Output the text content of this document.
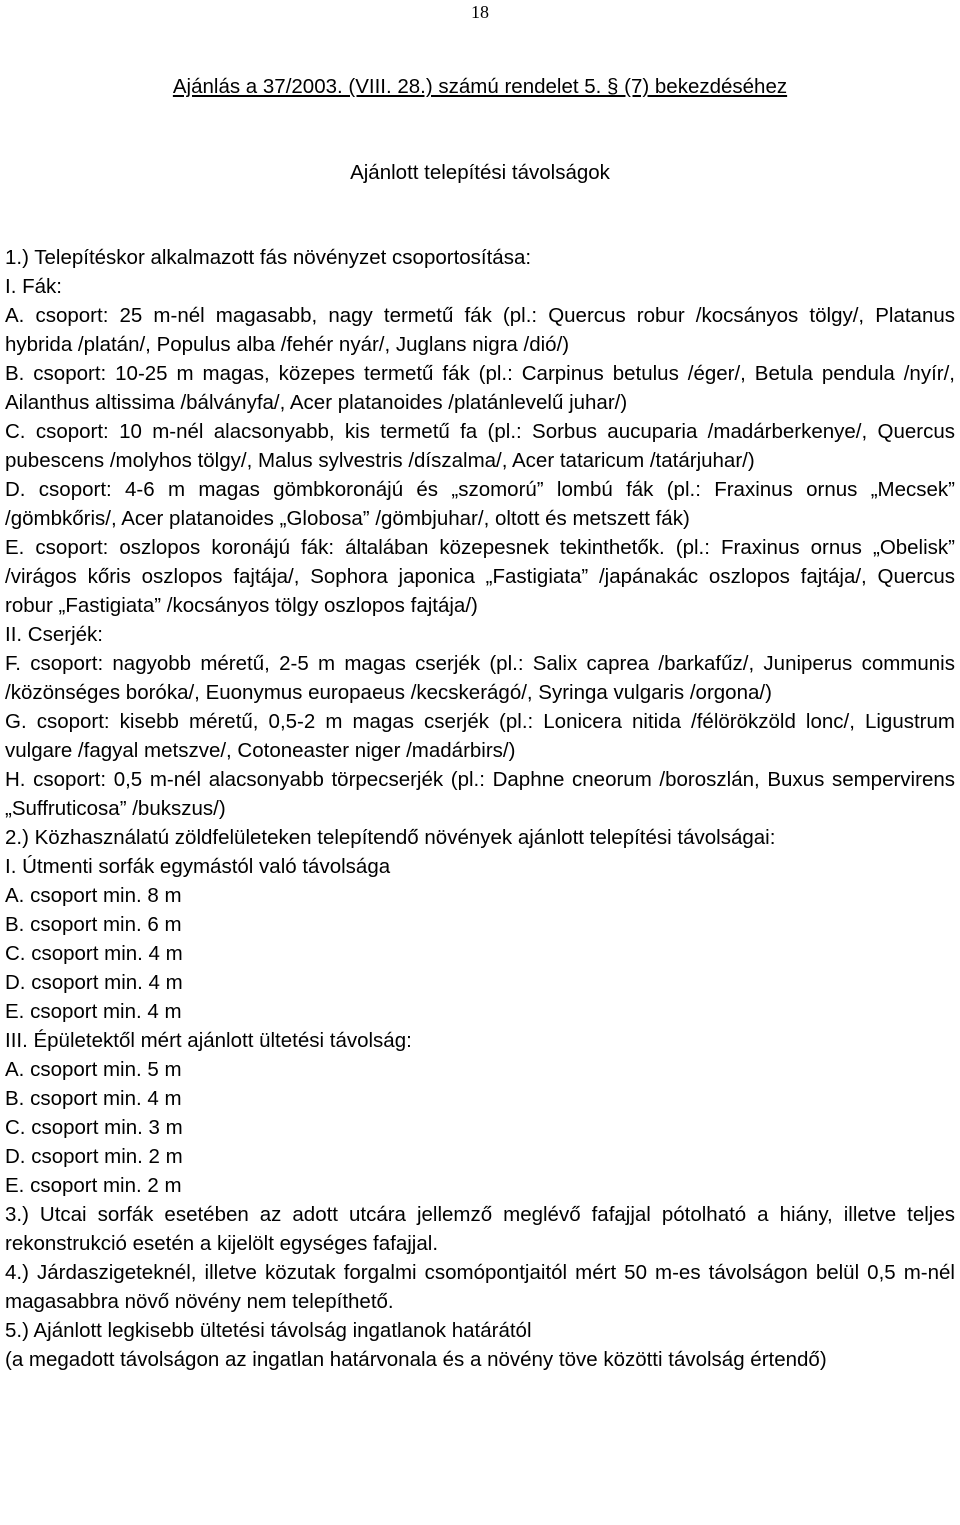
18
Ajánlás a 37/2003. (VIII. 28.) számú rendelet 5. § (7) bekezdéséhez
Ajánlott telepítési távolságok

1.) Telepítéskor alkalmazott fás növényzet csoportosítása:

I. Fák:

A. csoport: 25 m-nél magasabb, nagy termetű fák (pl.: Quercus robur /kocsányos tölgy/, Platanus hybrida /platán/, Populus alba /fehér nyár/, Juglans nigra /dió/)

B. csoport: 10-25 m magas, közepes termetű fák (pl.: Carpinus betulus /éger/, Betula pendula /nyír/, Ailanthus altissima /bálványfa/, Acer platanoides /platánlevelű juhar/)

C. csoport: 10 m-nél alacsonyabb, kis termetű fa (pl.: Sorbus aucuparia /madárberkenye/, Quercus pubescens /molyhos tölgy/, Malus sylvestris /díszalma/, Acer tataricum /tatárjuhar/)

D. csoport: 4-6 m magas gömbkoronájú és „szomorú” lombú fák (pl.: Fraxinus ornus „Mecsek” /gömbkőris/, Acer platanoides „Globosa” /gömbjuhar/, oltott és metszett fák)

E. csoport: oszlopos koronájú fák: általában közepesnek tekinthetők. (pl.: Fraxinus ornus „Obelisk” /virágos kőris oszlopos fajtája/, Sophora japonica „Fastigiata” /japánakác oszlopos fajtája/, Quercus robur „Fastigiata” /kocsányos tölgy oszlopos fajtája/)

II. Cserjék:

F. csoport: nagyobb méretű, 2-5 m magas cserjék (pl.: Salix caprea /barkafűz/, Juniperus communis /közönséges boróka/, Euonymus europaeus /kecskerágó/, Syringa vulgaris /orgona/)

G. csoport: kisebb méretű, 0,5-2 m magas cserjék (pl.: Lonicera nitida /félörökzöld lonc/, Ligustrum vulgare /fagyal metszve/, Cotoneaster niger /madárbirs/)

H. csoport: 0,5 m-nél alacsonyabb törpecserjék (pl.: Daphne cneorum /boroszlán, Buxus sempervirens „Suffruticosa” /bukszus/)

2.) Közhasználatú zöldfelületeken telepítendő növények ajánlott telepítési távolságai:

I. Útmenti sorfák egymástól való távolsága

A. csoport min. 8 m

B. csoport min. 6 m

C. csoport min. 4 m

D. csoport min. 4 m

E. csoport min. 4 m

III. Épületektől mért ajánlott ültetési távolság:

A. csoport min. 5 m

B. csoport min. 4 m

C. csoport min. 3 m

D. csoport min. 2 m

E. csoport min. 2 m

3.) Utcai sorfák esetében az adott utcára jellemző meglévő fafajjal pótolható a hiány, illetve teljes rekonstrukció esetén a kijelölt egységes fafajjal.

4.) Járdaszigeteknél, illetve közutak forgalmi csomópontjaitól mért 50 m-es távolságon belül 0,5 m-nél magasabbra növő növény nem telepíthető.

5.) Ajánlott legkisebb ültetési távolság ingatlanok határától

(a megadott távolságon az ingatlan határvonala és a növény töve közötti távolság értendő)
